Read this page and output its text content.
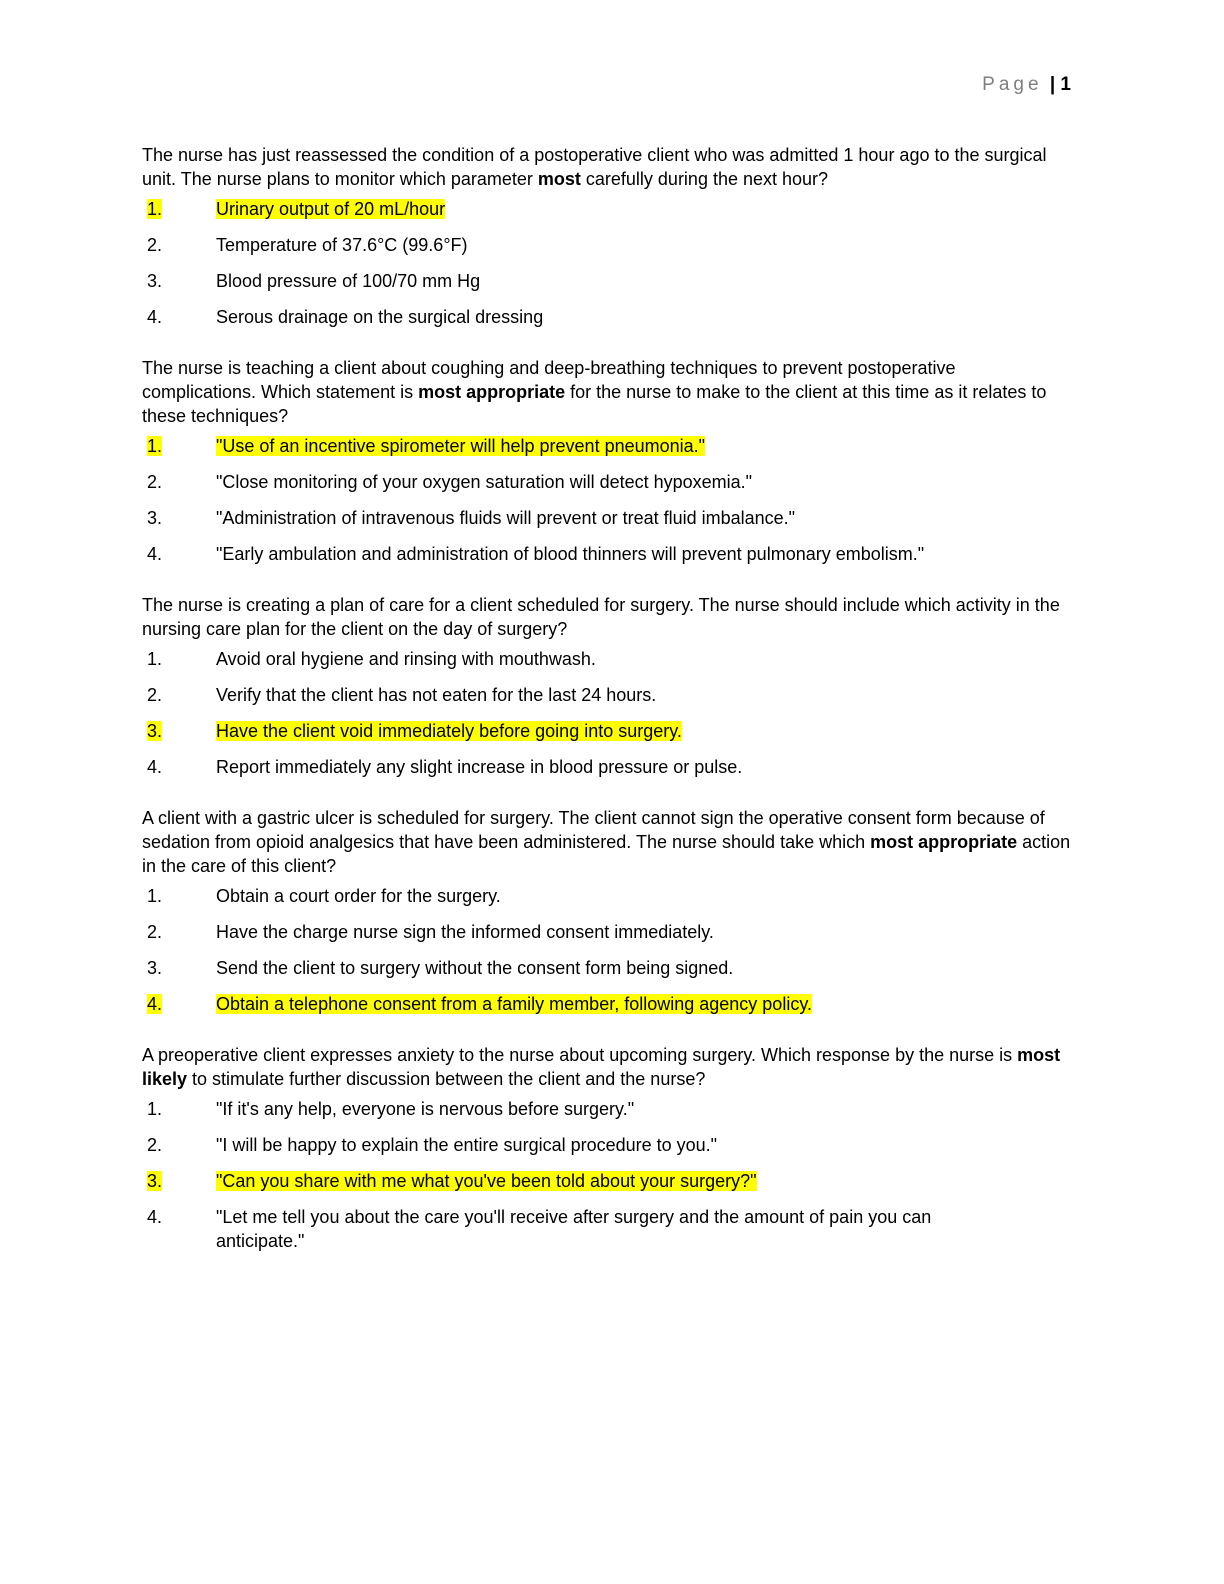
Page | 1

The nurse has just reassessed the condition of a postoperative client who was admitted 1 hour ago to the surgical unit. The nurse plans to monitor which parameter most carefully during the next hour?

1.	Urinary output of 20 mL/hour
2.	Temperature of 37.6°C (99.6°F)
3.	Blood pressure of 100/70 mm Hg
4.	Serous drainage on the surgical dressing

The nurse is teaching a client about coughing and deep-breathing techniques to prevent postoperative complications. Which statement is most appropriate for the nurse to make to the client at this time as it relates to these techniques?

1.	"Use of an incentive spirometer will help prevent pneumonia."
2.	"Close monitoring of your oxygen saturation will detect hypoxemia."
3.	"Administration of intravenous fluids will prevent or treat fluid imbalance."
4.	"Early ambulation and administration of blood thinners will prevent pulmonary embolism."

The nurse is creating a plan of care for a client scheduled for surgery. The nurse should include which activity in the nursing care plan for the client on the day of surgery?

1.	Avoid oral hygiene and rinsing with mouthwash.
2.	Verify that the client has not eaten for the last 24 hours.
3.	Have the client void immediately before going into surgery.
4.	Report immediately any slight increase in blood pressure or pulse.

A client with a gastric ulcer is scheduled for surgery. The client cannot sign the operative consent form because of sedation from opioid analgesics that have been administered. The nurse should take which most appropriate action in the care of this client?

1.	Obtain a court order for the surgery.
2.	Have the charge nurse sign the informed consent immediately.
3.	Send the client to surgery without the consent form being signed.
4.	Obtain a telephone consent from a family member, following agency policy.

A preoperative client expresses anxiety to the nurse about upcoming surgery. Which response by the nurse is most likely to stimulate further discussion between the client and the nurse?

1.	"If it's any help, everyone is nervous before surgery."
2.	"I will be happy to explain the entire surgical procedure to you."
3.	"Can you share with me what you've been told about your surgery?"
4.	"Let me tell you about the care you'll receive after surgery and the amount of pain you can anticipate."
